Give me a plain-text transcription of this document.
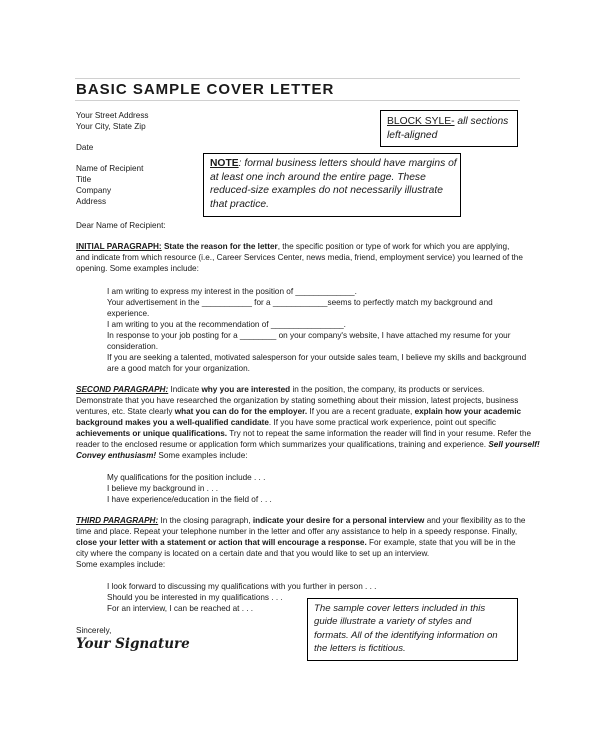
BASIC SAMPLE COVER LETTER
Your Street Address
Your City, State Zip
Date
Name of Recipient
Title
Company
Address
Dear Name of Recipient:
BLOCK SYLE- all sections
left-aligned
NOTE: formal business letters should have margins of
at least one inch around the entire page. These
reduced-size examples do not necessarily illustrate
that practice.
INITIAL PARAGRAPH: State the reason for the letter, the specific position or type of work for which you are applying,
and indicate from which resource (i.e., Career Services Center, news media, friend, employment service) you learned of the
opening. Some examples include:
I am writing to express my interest in the position of _____________.
Your advertisement in the ___________ for a ____________seems to perfectly match my background and
experience.
I am writing to you at the recommendation of ________________.
In response to your job posting for a ________ on your company's website, I have attached my resume for your
consideration.
If you are seeking a talented, motivated salesperson for your outside sales team, I believe my skills and background
are a good match for your organization.
SECOND PARAGRAPH: Indicate why you are interested in the position, the company, its products or services.
Demonstrate that you have researched the organization by stating something about their mission, latest projects, business
ventures, etc. State clearly what you can do for the employer. If you are a recent graduate, explain how your academic
background makes you a well-qualified candidate. If you have some practical work experience, point out specific
achievements or unique qualifications. Try not to repeat the same information the reader will find in your resume. Refer the
reader to the enclosed resume or application form which summarizes your qualifications, training and experience. Sell yourself!
Convey enthusiasm! Some examples include:
My qualifications for the position include . . .
I believe my background in . . .
I have experience/education in the field of . . .
THIRD PARAGRAPH: In the closing paragraph, indicate your desire for a personal interview and your flexibility as to the
time and place. Repeat your telephone number in the letter and offer any assistance to help in a speedy response. Finally,
close your letter with a statement or action that will encourage a response. For example, state that you will be in the
city where the company is located on a certain date and that you would like to set up an interview.
Some examples include:
I look forward to discussing my qualifications with you further in person . . .
Should you be interested in my qualifications . . .
For an interview, I can be reached at . . .	The sample cover letters included in this
guide illustrate a variety of styles and
formats. All of the identifying information on
the letters is fictitious.
Sincerely,
Your Signature
